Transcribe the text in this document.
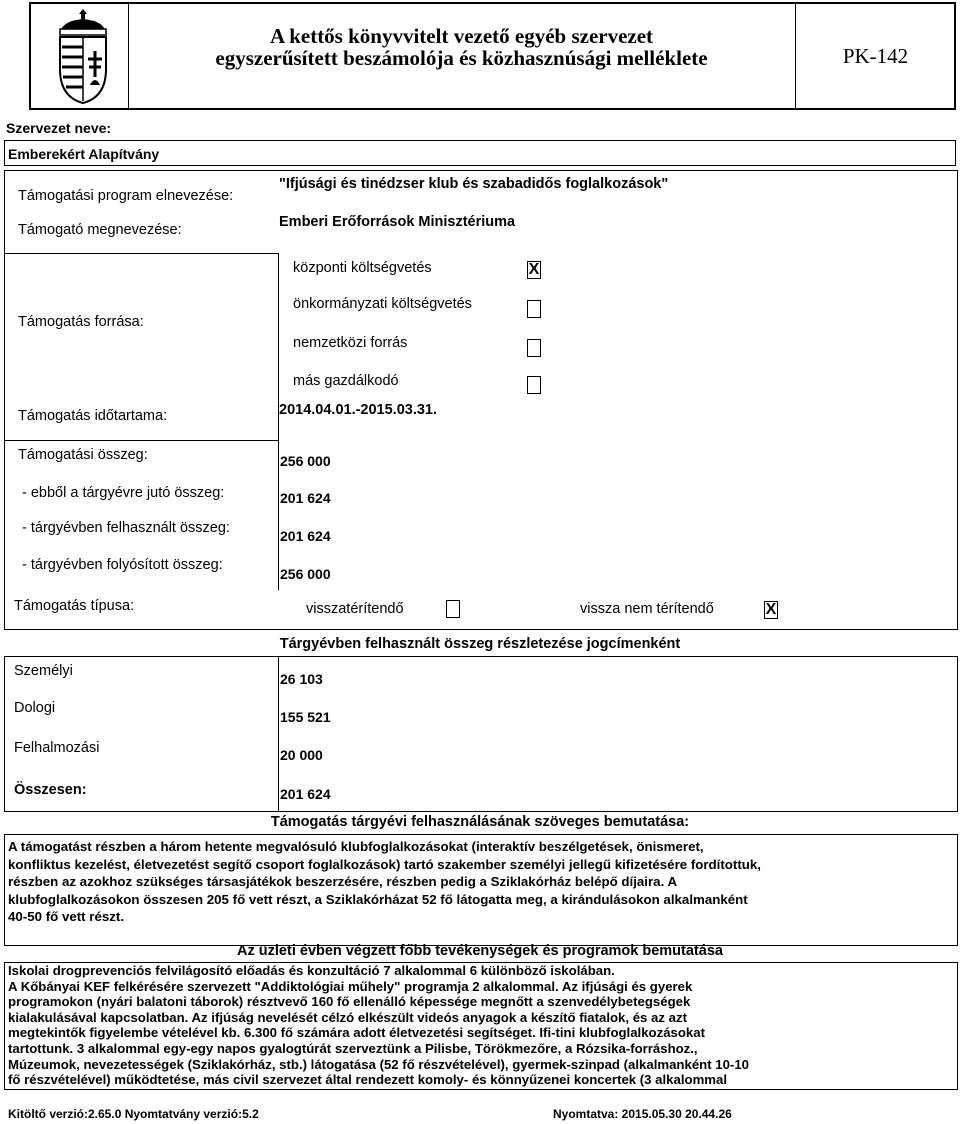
A kettős könyvvitelt vezető egyéb szervezet
egyszerűsített beszámolója és közhasznúsági melléklete	PK-142
Szervezet neve:
Emberekért Alapítvány
Támogatási program elnevezése:
"Ifjúsági és tinédzser klub és szabadidős foglalkozások"
Támogató megnevezése:	Emberi Erőforrások Minisztériuma
Támogatás forrása:
központi költségvetés	X
önkormányzati költségvetés
nemzetközi forrás
más gazdálkodó
Támogatás időtartama:	2014.04.01.-2015.03.31.
Támogatási összeg:	256 000
- ebből a tárgyévre jutó összeg:	201 624
- tárgyévben felhasznált összeg:	201 624
- tárgyévben folyósított összeg:
256 000
Támogatás típusa:	visszatérítendő	vissza nem térítendő	X
Tárgyévben felhasznált összeg részletezése jogcímenként
Személyi	26 103
Dologi
155 521
Felhalmozási	20 000
Összesen:	201 624
Támogatás tárgyévi felhasználásának szöveges bemutatása:
A támogatást részben a három hetente megvalósuló klubfoglalkozásokat (interaktív beszélgetések, önismeret,
konfliktus kezelést, életvezetést segítő csoport foglalkozások) tartó szakember személyi jellegű kifizetésére fordítottuk,
részben az azokhoz szükséges társasjátékok beszerzésére, részben pedig a Sziklakórház belépő díjaira. A
klubfoglalkozásokon összesen 205 fő vett részt, a Sziklakórházat 52 fő látogatta meg, a kirándulásokon alkalmanként
40-50 fő vett részt.
Az üzleti évben végzett főbb tevékenységek és programok bemutatása
Iskolai drogprevenciós felvilágosító előadás és konzultáció 7 alkalommal 6 különböző iskolában.
A Kőbányai KEF felkérésére szervezett "Addiktológiai műhely" programja 2 alkalommal. Az ifjúsági és gyerek
programokon (nyári balatoni táborok) résztvevő 160 fő ellenálló képessége megnőtt a szenvedélybetegségek
kialakulásával kapcsolatban. Az ifjúság nevelését célzó elkészült videós anyagok a készítő fiatalok, és az azt
megtekintők figyelembe vételével kb. 6.300 fő számára adott életvezetési segítséget. Ifi-tini klubfoglalkozásokat
tartottunk. 3 alkalommal egy-egy napos gyalogtúrát szerveztünk a Pilisbe, Törökmezőre, a Rózsika-forráshoz.,
Múzeumok, nevezetességek (Sziklakórház, stb.) látogatása (52 fő részvételével), gyermek-szinpad (alkalmanként 10-10
fő részvételével) működtetése, más civil szervezet által rendezett komoly- és könnyűzenei koncertek (3 alkalommal
Kitöltő verzió:2.65.0 Nyomtatvány verzió:5.2	Nyomtatva: 2015.05.30 20.44.26
